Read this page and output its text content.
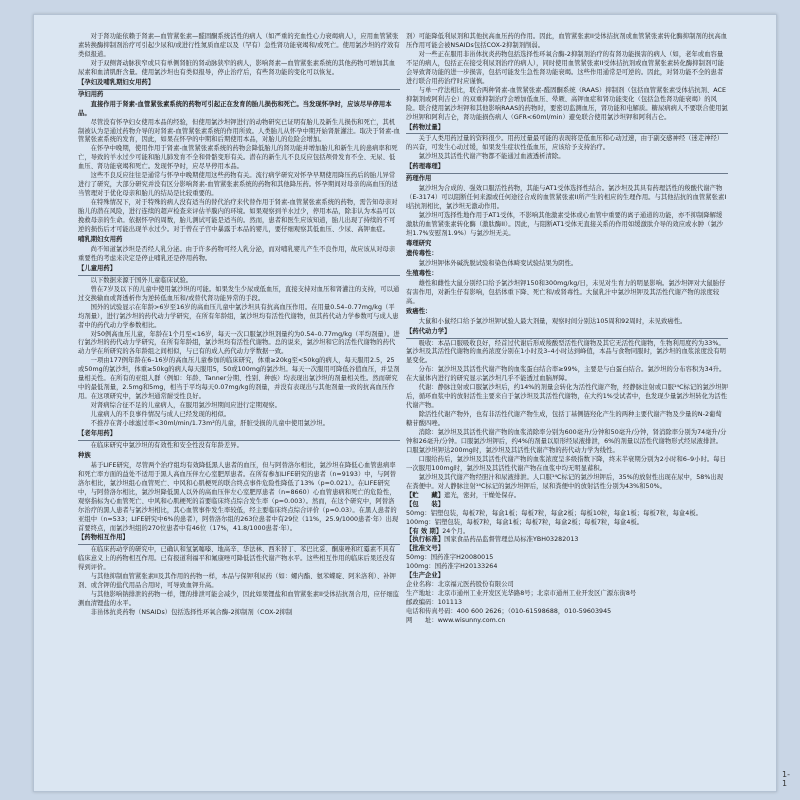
对于肾功能依赖于肾素—血管紧张素—醛固酮系统活性的病人（如严重的充血性心力衰竭病人），应用血管紧张素转换酶抑制剂治疗可引起少尿和/或进行性氮质血症以及（罕有）急性肾功能衰竭和/或死亡。使用氯沙坦的疗效有类似报道。

对于双侧肾动脉狭窄或只有单侧肾脏的肾动脉狭窄的病人，影响肾素—血管紧张素系统的其他药物可增加其血尿素和血清肌酐含量。使用氯沙坦也有类似报导，停止治疗后，有些肾功能的变化可以恢复。

【孕妇及哺乳期妇女用药】

孕妇用药

直接作用于肾素-血管紧张素系统的药物可引起正在发育的胎儿损伤和死亡。当发现怀孕时，应该尽早停用本品。

尽管没有怀孕妇女使用本品的经验，但使用氯沙坦钾进行的动物研究已证明有胎儿及新生儿损伤和死亡，其机制被认为是通过药物介导的对肾素-血管紧张素系统的作用所致。人类胎儿从怀孕中期开始肾脏灌注。取决于肾素-血管紧张素系统的发育，因此，如果在怀孕的中期和后期使用本品，对胎儿的危险会增加。

在怀孕中晚期，使用作用于肾素-血管紧张素系统的药物会降低胎儿的肾功能并增加胎儿和新生儿的患病率和死亡，导致的羊水过少可能和胎儿肺发育不全和骨骼变形有关。潜在的新生儿不良反应包括颅骨发育不全、无尿、低血压、肾功能衰竭和死亡。发现怀孕时，应尽早停用本品。

这些不良反应往往是通常与怀孕中晚期使用这些药物有关。流行病学研究对怀孕早期使用降压药后的胎儿异常进行了研究，大部分研究并没有区分影响肾素-血管紧张素系统的药物和其他降压药。怀孕期间对母亲的高血压的适当管理对于优化母亲和胎儿的结局是比较重要的。

在特殊情况下，对于特殊的病人没有适当的替代治疗来代替作用于肾素-血管紧张素系统的药物，需告知母亲对胎儿的潜在风险，进行连续的超声检查来评估羊膜内的环境。如果观察到羊水过少，停用本品，除非认为本品可以挽救母亲的生命。依据怀孕的周数，胎儿测试可能是适当的。然而，患者和医生应该知道，胎儿出现了持续的不可逆的损伤后才可能出现羊水过少。对于曾在子宫中暴露于本品的婴儿，要仔细观察其低血压、少尿、高钾血症。

哺乳期妇女用药

尚不知道氯沙坦是否经人乳分泌。由于许多药物可经人乳分泌，而对哺乳婴儿产生不良作用，故应该从对母亲重要性的考虑来决定是停止哺乳还是停用药物。

【儿童用药】

以下数据来源于国外儿童临床试验。

曾在7岁及以下的儿童中使用氯沙坦的可能。如果发生少尿或低血压，直接支持对血压和肾灌注的支持，可以通过交换输血或肾透析作为逆转低血压和/或替代肾功能异常的手段。

国外的试验显示在年龄>6岁至16岁的高血压儿童中氯沙坦具有抗高血压作用。在用量0.54–0.77mg/kg（平均剂量），进行氯沙坦的药代动力学研究，在所有年龄组，氯沙坦均有活性代谢物，但其药代动力学参数可与成人患者中的药代动力学参数相比。

对50例高血压儿童，年龄在1个月至<16岁，每天一次口服氯沙坦剂量约为0.54–0.77mg/kg（平均剂量）。进行氯沙坦的药代动力学研究，在所有年龄组，氯沙坦均有活性代谢物。总的说来，氯沙坦和它的活性代谢物的药代动力学在所研究的各年龄组之间相似，与已有的成人药代动力学数据一致。

一项由177例年龄在6–16岁的高血压儿童参加的临床研究，体重≥20kg至<50kg的病人，每天服用2.5，25或50mg的氯沙坦，体重≥50kg的病人每天服用5，50或100mg的氯沙坦。每天一次服用可降低谷值血压，并呈剂量相关性。在所有的亚组人群（例如：年龄、Tanner分期、性别、种族）均表现出氯沙坦的剂量相关性。然而研究中的最低剂量，2.5mg和5mg，相当于平均每天0.07mg/kg的剂量，并没有表现出与其他剂量一致的抗高血压作用。在这项研究中，氯沙坦通常耐受性良好。

对肾病综合征不足的儿童病人，在服用氯沙坦期间应进行定期观察。

儿童病人的不良事件情况与成人已经发现的相似。

不推荐在肾小球滤过率<30ml/min/1.73m²的儿童，肝脏受损的儿童中使用氯沙坦。

【老年用药】

在临床研究中氯沙坦的有效性和安全性没有年龄差异。

种族

基于LIFE研究，尽管两个治疗组均有效降低黑人患者的血压，但与阿替洛尔相比，氯沙坦在降低心血管患病率和死亡率方面的益处不适用于黑人高血压伴左心室肥厚患者。在所有参加LIFE研究的患者（n=9193）中，与阿替洛尔相比，氯沙坦组心血管死亡、中风和心肌梗死的联合终点事件危险性降低了13%（p=0.021）。在LIFE研究中，与阿替洛尔相比，氯沙坦降低黑人以外的高血压伴左心室肥厚患者（n=8660）心血管患病和死亡的危险性，观察指标为心血管死亡、中风和心肌梗死的首要临床终点综合发生率（p=0.003）。然而，在这个研究中，阿替洛尔治疗的黑人患者与氯沙坦相比，其心血管事件发生率较低，经主要临床终点综合评价（p=0.03）。在黑人患者的亚组中（n=533；LIFE研究中6%的患者），阿替洛尔组的263位患者中有29位（11%，25.9/1000患者·年）出现首要终点，而氯沙坦组的270位患者中有46位（17%，41.8/1000患者·年）。

【药物相互作用】

在临床药动学的研究中，已确认和氢氯噻嗪、地高辛、华法林、西米替丁、苯巴比妥、酮康唑和红霉素不具有临床意义上的药物相互作用。已有报道利福平和氟康唑可降低活性代谢产物水平。这些相互作用的临床后果还没有得到评价。

与其他抑制血管紧张素II及其作用的药物一样，本品与保钾利尿药（如：螺内酯、氨苯蝶啶、阿米洛利）、补钾剂、或含钾的盐代用品合用时，可导致血钾升高。

与其他影响钠排泄的药物一样，锂的排泄可能会减少，因此如果锂盐和血管紧张素II受体拮抗剂合用，应仔细监测血清锂盐的水平。

非甾体抗炎药物（NSAIDs）包括选择性环氧合酶-2抑制剂（COX-2抑制

剂）可能降低利尿剂和其他抗高血压药的作用。因此，血管紧张素II受体拮抗剂或血管紧张素转化酶抑制剂的抗高血压作用可能会被NSAIDs包括COX-2抑制剂削弱。

对一些正在服用非甾体抗炎药物包括选择性环氧合酶-2抑制剂治疗的有肾功能损害的病人（如，老年或血容量不足的病人，包括正在接受利尿剂治疗的病人），同时使用血管紧张素II受体拮抗剂或血管紧张素转化酶抑制剂可能会导致肾功能的进一步损害，包括可能发生急性肾功能衰竭。这些作用通常是可逆的。因此，对肾功能不全的患者进行联合用药治疗时应谨慎。

与单一疗法相比，联合两种肾素-血管紧张素-醛固酮系统（RAAS）抑制剂（包括血管紧张素受体拮抗剂、ACE抑制剂或阿利吉仑）的双重抑制治疗会增加低血压、晕厥、高钾血症和肾功能变化（包括急性肾功能衰竭）的风险。联合使用氯沙坦钾和其他影响RAAS的药物时，要密切监测血压，肾功能和电解质。糖尿病病人不要联合使用氯沙坦钾和阿利吉仑，肾功能损伤病人（GFR<60ml/min）避免联合使用氯沙坦钾和阿利吉仑。

【药物过量】

关于人类用药过量的资料很少。用药过量最可能的表现将是低血压和心动过速，由于副交感神经（迷走神经）的兴奋，可发生心动过缓，如果发生症状性低血压，应该给予支持治疗。

氯沙坦及其活性代谢产物都不能通过血液透析清除。

【药理毒理】

药理作用

氯沙坦为合成的、强效口服活性药物，其能与AT1受体选择性结合。氯沙坦及其具有药理活性的羧酸代谢产物（E-3174）可以阻断任何来源或任何途径合成的血管紧张素II所产生的相应的生理作用。与其他拮抗的血管紧张素II拮抗剂相比，氯沙坦无激动作用。

氯沙坦可选择性地作用于AT1受体，不影响其他激素受体或心血管中重要的离子通道的功能，亦不抑制降解缓激肽的血管紧张素转化酶（激肽酶II）。因此，与阻断AT1受体无直接关系的作用如缓激肽介导的效应或水肿（氯沙坦1.7%安慰剂1.9%）与氯沙坦无关。

毒理研究

遗传毒性：

氯沙坦钾体外碱洗脱试验和染色体畸变试验结果为阴性。

生殖毒性：

雄性和雌性大鼠分别经口给予氯沙坦钾150和300mg/kg/日，未见对生育力的明显影响。氯沙坦钾对大鼠胎仔有害作用，对新生仔有影响，包括体重下降、死亡和/或肾毒性。大鼠乳汁中氯沙坦钾及其活性代谢产物的浓度较高。

致癌性：

大鼠和小鼠经口给予氯沙坦钾试验人最大剂量，观察时间分别达105周和92周时，未见致癌性。

【药代动力学】

吸收：本品口服吸收良好，经首过代谢后形成羧酸型活性代谢物及其它无活性代谢物，生物利用度约为33%。氯沙坦及其活性代谢物的血药浓度分别在1小时及3–4小时达到峰值，本品与食物同服时，氯沙坦的血浆浓度没有明显变化。

分布：氯沙坦及其活性代谢产物的血浆蛋白结合率≥99%，主要是与白蛋白结合。氯沙坦的分布容积为34升。在大鼠体内进行的研究显示氯沙坦几乎不能透过血脑屏障。

代谢：静脉注射或口服氯沙坦后，约14%的剂量会转化为活性代谢产物，经静脉注射或口服¹⁴C标记的氯沙坦钾后，循环血浆中的放射活性主要来自于氯沙坦及其活性代谢物，在大约1%受试者中，也发现少量氯沙坦转化为活性代谢产物。

除活性代谢产物外，也有非活性代谢产物生成，包括丁基侧链羟化产生的两种主要代谢产物及少量的N-2葡萄糖苷酸四唑。

消除：氯沙坦及其活性代谢产物的血浆消除率分别为600毫升/分钟和50毫升/分钟，肾消除率分别为74毫升/分钟和26毫升/分钟。口服氯沙坦钾后，约4%的剂量以原形经尿液排泄，6%的剂量以活性代谢物形式经尿液排泄。口服氯沙坦钾达200mg时，氯沙坦及其活性代谢产物的药代动力学为线性。

口服给药后，氯沙坦及其活性代谢产物的血浆浓度呈多级指数下降，终末半衰期分别为2小时和6–9小时。每日一次服用100mg时，氯沙坦及其活性代谢产物在血浆中均无明显蓄积。

氯沙坦及其代谢产物经胆汁和尿液排泄。人口服¹⁴C标记的氯沙坦钾后，35%的放射性出现在尿中，58%出现在粪便中。对人静脉注射¹⁴C标记的氯沙坦钾后，尿和粪便中的放射活性分别为43%和50%。

【贮　　藏】遮光，密封，干燥处保存。

【包　　装】

50mg：铝塑包装，每板7粒，每盒1板；每板7粒，每盒2板；每板10粒，每盒1板；每板7粒，每盒4板。

100mg：铝塑包装，每板7粒，每盒1板；每板7粒，每盒2板；每板7粒，每盒4板。

【有 效 期】24个月。

【执行标准】国家食品药品监督管理总局标准YBH03282013

【批准文号】

50mg：国药准字H20080015

100mg：国药准字H20133264

【生产企业】

企业名称：北京福元医药股份有限公司

生产地址：北京市通州工业开发区光华路8号；北京市通州工业开发区广源东街8号

邮政编码：101113

电话和传真号码：400 600 2626；（010-61598688，010-59603945

网　　址：www.wisunny.com.cn

1-1
